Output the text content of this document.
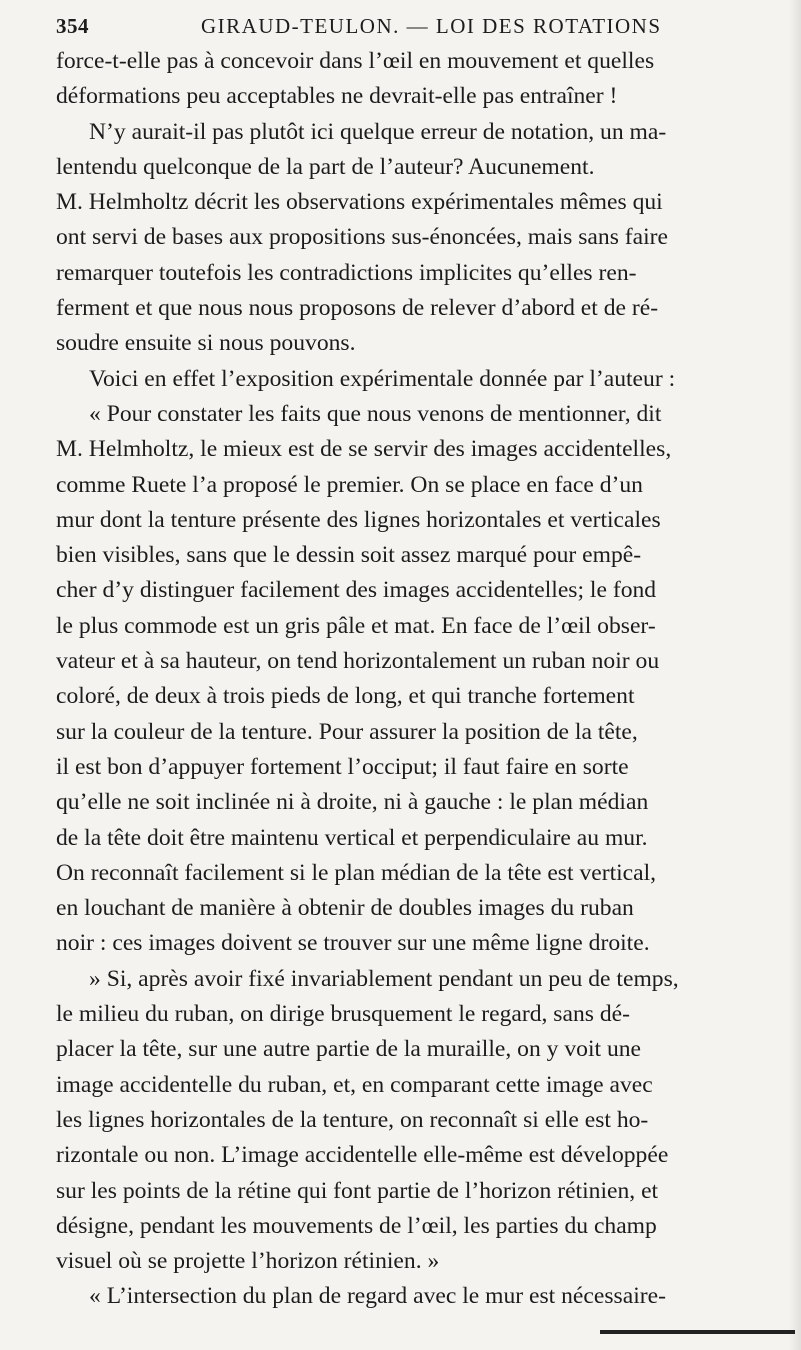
354	GIRAUD-TEULON. — LOI DES ROTATIONS
force-t-elle pas à concevoir dans l’œil en mouvement et quelles
déformations peu acceptables ne devrait-elle pas entraîner !
N’y aurait-il pas plutôt ici quelque erreur de notation, un ma-
lentendu quelconque de la part de l’auteur? Aucunement.
M. Helmholtz décrit les observations expérimentales mêmes qui
ont servi de bases aux propositions sus-énoncées, mais sans faire
remarquer toutefois les contradictions implicites qu’elles ren-
ferment et que nous nous proposons de relever d’abord et de ré-
soudre ensuite si nous pouvons.
Voici en effet l’exposition expérimentale donnée par l’auteur :
« Pour constater les faits que nous venons de mentionner, dit
M. Helmholtz, le mieux est de se servir des images accidentelles,
comme Ruete l’a proposé le premier. On se place en face d’un
mur dont la tenture présente des lignes horizontales et verticales
bien visibles, sans que le dessin soit assez marqué pour empê-
cher d’y distinguer facilement des images accidentelles; le fond
le plus commode est un gris pâle et mat. En face de l’œil obser-
vateur et à sa hauteur, on tend horizontalement un ruban noir ou
coloré, de deux à trois pieds de long, et qui tranche fortement
sur la couleur de la tenture. Pour assurer la position de la tête,
il est bon d’appuyer fortement l’occiput; il faut faire en sorte
qu’elle ne soit inclinée ni à droite, ni à gauche : le plan médian
de la tête doit être maintenu vertical et perpendiculaire au mur.
On reconnaît facilement si le plan médian de la tête est vertical,
en louchant de manière à obtenir de doubles images du ruban
noir : ces images doivent se trouver sur une même ligne droite.
» Si, après avoir fixé invariablement pendant un peu de temps,
le milieu du ruban, on dirige brusquement le regard, sans dé-
placer la tête, sur une autre partie de la muraille, on y voit une
image accidentelle du ruban, et, en comparant cette image avec
les lignes horizontales de la tenture, on reconnaît si elle est ho-
rizontale ou non. L’image accidentelle elle-même est développée
sur les points de la rétine qui font partie de l’horizon rétinien, et
désigne, pendant les mouvements de l’œil, les parties du champ
visuel où se projette l’horizon rétinien. »
« L’intersection du plan de regard avec le mur est nécessaire-
